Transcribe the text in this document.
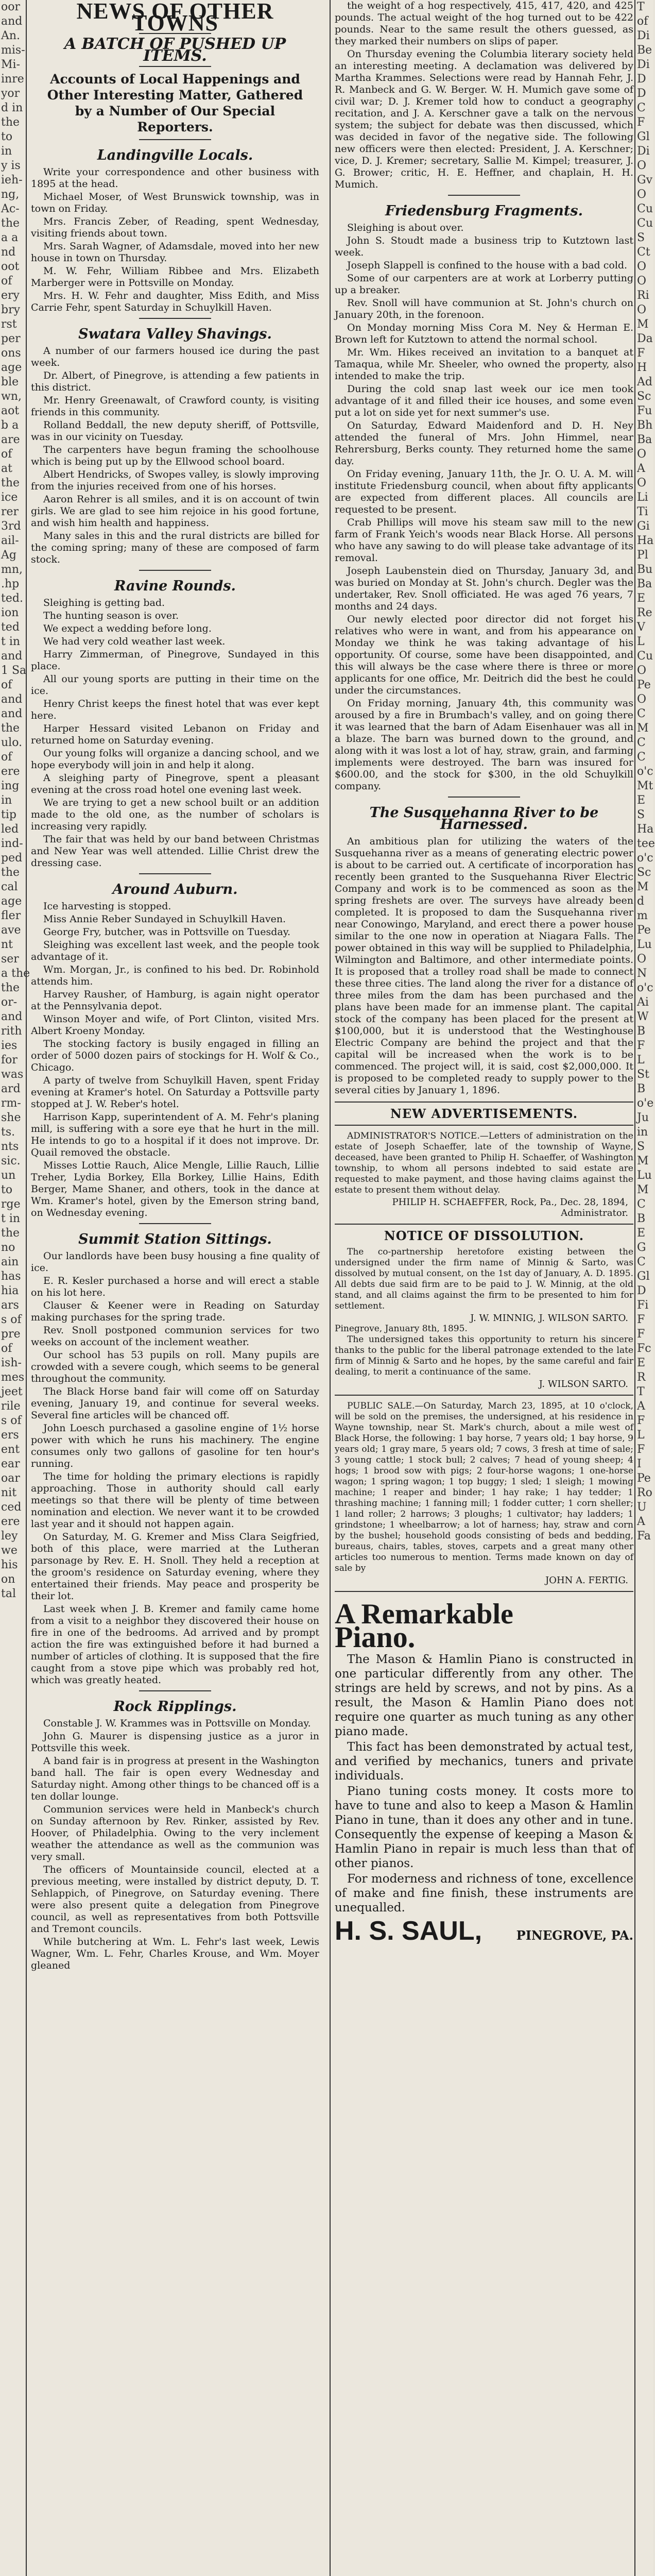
oor
and
An.
mis-
Mi-
inre
yor
d in
the
to
in
y is
ieh-
ng,
Ac-
the
a a
nd
oot
of
ery
bry
rst
per
ons
age
ble
wn,
aot
b a
are
of
at
the
ice
rer
3rd
ail-
Ag
mn,
.hp
ted.
ion
ted
t in
and
1 Sa
of
and
and
the
ulo.
of
ere
ing
in
tip
led
ind-
ped
the
cal
age
fler
ave
nt
ser
a the
the
or-
and
rith
ies
for
was
ard
rm-
she
ts.
nts
sic.
un
to
rge
t in
the
no
ain
has
hia
ars
s of
pre
of
ish-
mes
jeet
rile
s of
ers
ent
ear
oar
nit
ced
ere
ley
we
his
on
tal
T
of
Di
Be
Di
D
D
C
F
Gl
Di
O
Gv
O
Cu
Cu
S
Ct
O
O
Ri
O
M
Da
F
H
Ad
Sc
Fu
Bh
Ba
O
A
O
Li
Ti
Gi
Ha
Pl
Bu
Ba
E
Re
V
L
Cu
O
Pe
O
C
M
C
C
o'c
Mt
E
S
Ha
tee
o'c
Sc
M
d
m
Pe
Lu
O
N
o'c
Ai
W
B
F
L
St
B
o'e
Ju
in
S
M
Lu
M
C
B
E
G
C
Gl
D
Fi
F
F
Fc
E
R
T
A
F
L
F
I
Pe
Ro
U
A
Fa
NEWS OF OTHER TOWNS
A BATCH OF PUSHED UP ITEMS.
Accounts of Local Happenings and Other Interesting Matter, Gathered by a Number of Our Special Reporters.
Landingville Locals.

Write your correspondence and other business with 1895 at the head.

Michael Moser, of West Brunswick township, was in town on Friday.

Mrs. Francis Zeber, of Reading, spent Wednesday, visiting friends about town.

Mrs. Sarah Wagner, of Adamsdale, moved into her new house in town on Thursday.

M. W. Fehr, William Ribbee and Mrs. Elizabeth Marberger were in Pottsville on Monday.

Mrs. H. W. Fehr and daughter, Miss Edith, and Miss Carrie Fehr, spent Saturday in Schuylkill Haven.

Swatara Valley Shavings.

A number of our farmers housed ice during the past week.

Dr. Albert, of Pinegrove, is attending a few patients in this district.

Mr. Henry Greenawalt, of Crawford county, is visiting friends in this community.

Rolland Beddall, the new deputy sheriff, of Pottsville, was in our vicinity on Tuesday.

The carpenters have begun framing the schoolhouse which is being put up by the Ellwood school board.

Albert Hendricks, of Swopes valley, is slowly improving from the injuries received from one of his horses.

Aaron Rehrer is all smiles, and it is on account of twin girls. We are glad to see him rejoice in his good fortune, and wish him health and happiness.

Many sales in this and the rural districts are billed for the coming spring; many of these are composed of farm stock.

Ravine Rounds.

Sleighing is getting bad.

The hunting season is over.

We expect a wedding before long.

We had very cold weather last week.

Harry Zimmerman, of Pinegrove, Sundayed in this place.

All our young sports are putting in their time on the ice.

Henry Christ keeps the finest hotel that was ever kept here.

Harper Hessard visited Lebanon on Friday and returned home on Saturday evening.

Our young folks will organize a dancing school, and we hope everybody will join in and help it along.

A sleighing party of Pinegrove, spent a pleasant evening at the cross road hotel one evening last week.

We are trying to get a new school built or an addition made to the old one, as the number of scholars is increasing very rapidly.

The fair that was held by our band between Christmas and New Year was well attended. Lillie Christ drew the dressing case.

Around Auburn.

Ice harvesting is stopped.

Miss Annie Reber Sundayed in Schuylkill Haven.

George Fry, butcher, was in Pottsville on Tuesday.

Sleighing was excellent last week, and the people took advantage of it.

Wm. Morgan, Jr., is confined to his bed. Dr. Robinhold attends him.

Harvey Rausher, of Hamburg, is again night operator at the Pennsylvania depot.

Winson Moyer and wife, of Port Clinton, visited Mrs. Albert Kroeny Monday.

The stocking factory is busily engaged in filling an order of 5000 dozen pairs of stockings for H. Wolf & Co., Chicago.

A party of twelve from Schuylkill Haven, spent Friday evening at Kramer's hotel. On Saturday a Pottsville party stopped at J. W. Reber's hotel.

Harrison Kapp, superintendent of A. M. Fehr's planing mill, is suffering with a sore eye that he hurt in the mill. He intends to go to a hospital if it does not improve. Dr. Quail removed the obstacle.

Misses Lottie Rauch, Alice Mengle, Lillie Rauch, Lillie Treher, Lydia Borkey, Ella Borkey, Lillie Hains, Edith Berger, Mame Shaner, and others, took in the dance at Wm. Kramer's hotel, given by the Emerson string band, on Wednesday evening.

Summit Station Sittings.

Our landlords have been busy housing a fine quality of ice.

E. R. Kesler purchased a horse and will erect a stable on his lot here.

Clauser & Keener were in Reading on Saturday making purchases for the spring trade.

Rev. Snoll postponed communion services for two weeks on account of the inclement weather.

Our school has 53 pupils on roll. Many pupils are crowded with a severe cough, which seems to be general throughout the community.

The Black Horse band fair will come off on Saturday evening, January 19, and continue for several weeks. Several fine articles will be chanced off.

John Loesch purchased a gasoline engine of 1½ horse power with which he runs his machinery. The engine consumes only two gallons of gasoline for ten hour's running.

The time for holding the primary elections is rapidly approaching. Those in authority should call early meetings so that there will be plenty of time between nomination and election. We never want it to be crowded last year and it should not happen again.

On Saturday, M. G. Kremer and Miss Clara Seigfried, both of this place, were married at the Lutheran parsonage by Rev. E. H. Snoll. They held a reception at the groom's residence on Saturday evening, where they entertained their friends. May peace and prosperity be their lot.

Last week when J. B. Kremer and family came home from a visit to a neighbor they discovered their house on fire in one of the bedrooms. Ad arrived and by prompt action the fire was extinguished before it had burned a number of articles of clothing. It is supposed that the fire caught from a stove pipe which was probably red hot, which was greatly heated.

Rock Ripplings.

Constable J. W. Krammes was in Pottsville on Monday.

John G. Maurer is dispensing justice as a juror in Pottsville this week.

A band fair is in progress at present in the Washington band hall. The fair is open every Wednesday and Saturday night. Among other things to be chanced off is a ten dollar lounge.

Communion services were held in Manbeck's church on Sunday afternoon by Rev. Rinker, assisted by Rev. Hoover, of Philadelphia. Owing to the very inclement weather the attendance as well as the communion was very small.

The officers of Mountainside council, elected at a previous meeting, were installed by district deputy, D. T. Sehlappich, of Pinegrove, on Saturday evening. There were also present quite a delegation from Pinegrove council, as well as representatives from both Pottsville and Tremont councils.

While butchering at Wm. L. Fehr's last week, Lewis Wagner, Wm. L. Fehr, Charles Krouse, and Wm. Moyer gleaned

the weight of a hog respectively, 415, 417, 420, and 425 pounds. The actual weight of the hog turned out to be 422 pounds. Near to the same result the others guessed, as they marked their numbers on slips of paper.

On Thursday evening the Columbia literary society held an interesting meeting. A declamation was delivered by Martha Krammes. Selections were read by Hannah Fehr, J. R. Manbeck and G. W. Berger. W. H. Mumich gave some of civil war; D. J. Kremer told how to conduct a geography recitation, and J. A. Kerschner gave a talk on the nervous system; the subject for debate was then discussed, which was decided in favor of the negative side. The following new officers were then elected: President, J. A. Kerschner; vice, D. J. Kremer; secretary, Sallie M. Kimpel; treasurer, J. G. Brower; critic, H. E. Heffner, and chaplain, H. H. Mumich.

Friedensburg Fragments.

Sleighing is about over.

John S. Stoudt made a business trip to Kutztown last week.

Joseph Slappell is confined to the house with a bad cold.

Some of our carpenters are at work at Lorberry putting up a breaker.

Rev. Snoll will have communion at St. John's church on January 20th, in the forenoon.

On Monday morning Miss Cora M. Ney & Herman E. Brown left for Kutztown to attend the normal school.

Mr. Wm. Hikes received an invitation to a banquet at Tamaqua, while Mr. Sheeler, who owned the property, also intended to make the trip.

During the cold snap last week our ice men took advantage of it and filled their ice houses, and some even put a lot on side yet for next summer's use.

On Saturday, Edward Maidenford and D. H. Ney attended the funeral of Mrs. John Himmel, near Rehrersburg, Berks county. They returned home the same day.

On Friday evening, January 11th, the Jr. O. U. A. M. will institute Friedensburg council, when about fifty applicants are expected from different places. All councils are requested to be present.

Crab Phillips will move his steam saw mill to the new farm of Frank Yeich's woods near Black Horse. All persons who have any sawing to do will please take advantage of its removal.

Joseph Laubenstein died on Thursday, January 3d, and was buried on Monday at St. John's church. Degler was the undertaker, Rev. Snoll officiated. He was aged 76 years, 7 months and 24 days.

Our newly elected poor director did not forget his relatives who were in want, and from his appearance on Monday we think he was taking advantage of his opportunity. Of course, some have been disappointed, and this will always be the case where there is three or more applicants for one office, Mr. Deitrich did the best he could under the circumstances.

On Friday morning, January 4th, this community was aroused by a fire in Brumbach's valley, and on going there it was learned that the barn of Adam Eisenhauer was all in a blaze. The barn was burned down to the ground, and along with it was lost a lot of hay, straw, grain, and farming implements were destroyed. The barn was insured for $600.00, and the stock for $300, in the old Schuylkill company.

The Susquehanna River to be Harnessed.

An ambitious plan for utilizing the waters of the Susquehanna river as a means of generating electric power is about to be carried out. A certificate of incorporation has recently been granted to the Susquehanna River Electric Company and work is to be commenced as soon as the spring freshets are over. The surveys have already been completed. It is proposed to dam the Susquehanna river near Conowingo, Maryland, and erect there a power house similar to the one now in operation at Niagara Falls. The power obtained in this way will be supplied to Philadelphia, Wilmington and Baltimore, and other intermediate points. It is proposed that a trolley road shall be made to connect these three cities. The land along the river for a distance of three miles from the dam has been purchased and the plans have been made for an immense plant. The capital stock of the company has been placed for the present at $100,000, but it is understood that the Westinghouse Electric Company are behind the project and that the capital will be increased when the work is to be commenced. The project will, it is said, cost $2,000,000. It is proposed to be completed ready to supply power to the several cities by January 1, 1896.

NEW ADVERTISEMENTS.

ADMINISTRATOR'S NOTICE.—Letters of administration on the estate of Joseph Schaeffer, late of the township of Wayne, deceased, have been granted to Philip H. Schaeffer, of Washington township, to whom all persons indebted to said estate are requested to make payment, and those having claims against the estate to present them without delay.

PHILIP H. SCHAEFFER, Rock, Pa., Dec. 28, 1894, Administrator.
NOTICE OF DISSOLUTION.

The co-partnership heretofore existing between the undersigned under the firm name of Minnig & Sarto, was dissolved by mutual consent, on the 1st day of January, A. D. 1895. All debts due said firm are to be paid to J. W. Minnig, at the old stand, and all claims against the firm to be presented to him for settlement.

J. W. MINNIG, J. WILSON SARTO.
Pinegrove, January 8th, 1895.

The undersigned takes this opportunity to return his sincere thanks to the public for the liberal patronage extended to the late firm of Minnig & Sarto and he hopes, by the same careful and fair dealing, to merit a continuance of the same.

J. WILSON SARTO.

PUBLIC SALE.—On Saturday, March 23, 1895, at 10 o'clock, will be sold on the premises, the undersigned, at his residence in Wayne township, near St. Mark's church, about a mile west of Black Horse, the following: 1 bay horse, 7 years old; 1 bay horse, 9 years old; 1 gray mare, 5 years old; 7 cows, 3 fresh at time of sale; 3 young cattle; 1 stock bull; 2 calves; 7 head of young sheep; 4 hogs; 1 brood sow with pigs; 2 four-horse wagons; 1 one-horse wagon; 1 spring wagon; 1 top buggy; 1 sled; 1 sleigh; 1 mowing machine; 1 reaper and binder; 1 hay rake; 1 hay tedder; 1 thrashing machine; 1 fanning mill; 1 fodder cutter; 1 corn sheller; 1 land roller; 2 harrows; 3 ploughs; 1 cultivator; hay ladders; 1 grindstone; 1 wheelbarrow; a lot of harness; hay, straw and corn by the bushel; household goods consisting of beds and bedding, bureaus, chairs, tables, stoves, carpets and a great many other articles too numerous to mention. Terms made known on day of sale by

JOHN A. FERTIG.
A Remarkable
Piano.

The Mason & Hamlin Piano is constructed in one particular differently from any other. The strings are held by screws, and not by pins. As a result, the Mason & Hamlin Piano does not require one quarter as much tuning as any other piano made.

This fact has been demonstrated by actual test, and verified by mechanics, tuners and private individuals.

Piano tuning costs money. It costs more to have to tune and also to keep a Mason & Hamlin Piano in tune, than it does any other and in tune. Consequently the expense of keeping a Mason & Hamlin Piano in repair is much less than that of other pianos.

For moderness and richness of tone, excellence of make and fine finish, these instruments are unequalled.

H. S. SAUL,	PINEGROVE, PA.
